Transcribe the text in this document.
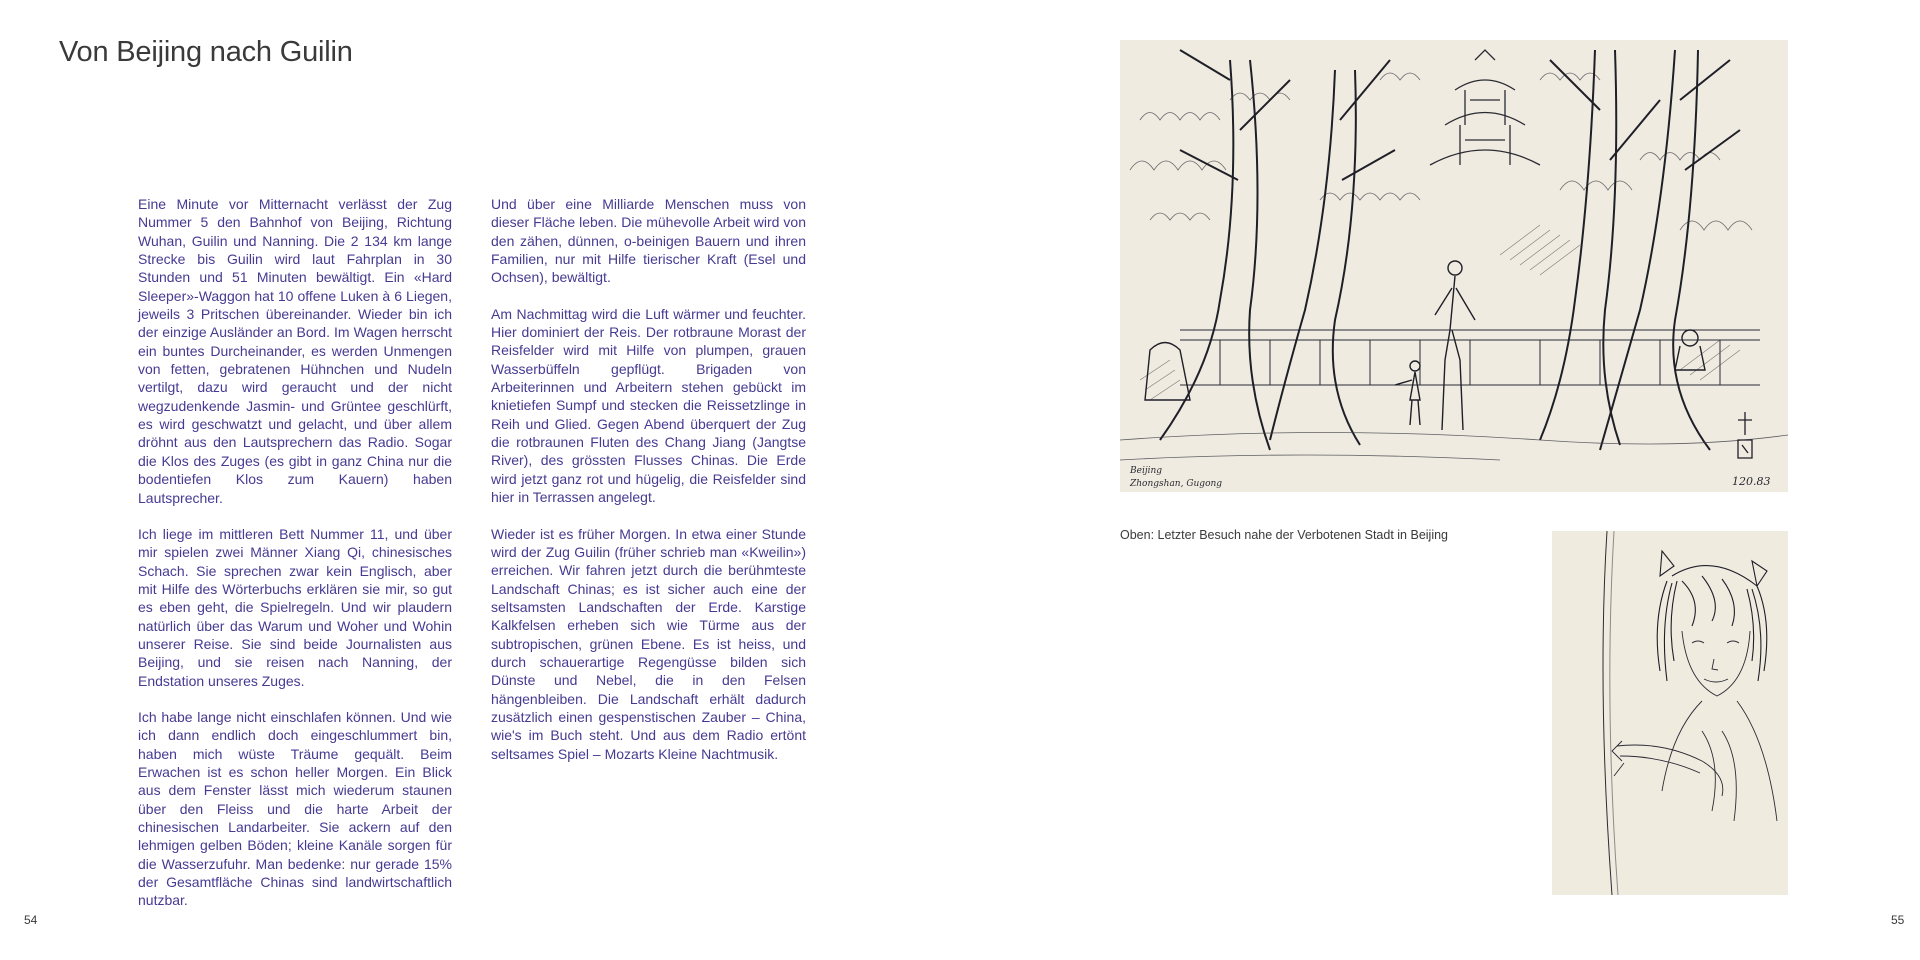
Von Beijing nach Guilin

Eine Minute vor Mitternacht verlässt der Zug Nummer 5 den Bahnhof von Beijing, Richtung Wuhan, Guilin und Nanning. Die 2 134 km lange Strecke bis Guilin wird laut Fahrplan in 30 Stunden und 51 Minuten bewältigt. Ein «Hard Sleeper»-Waggon hat 10 offene Luken à 6 Liegen, jeweils 3 Pritschen übereinander. Wieder bin ich der einzige Ausländer an Bord. Im Wagen herrscht ein buntes Durcheinander, es werden Unmengen von fetten, gebratenen Hühnchen und Nudeln vertilgt, dazu wird geraucht und der nicht wegzudenkende Jasmin- und Grüntee geschlürft, es wird geschwatzt und gelacht, und über allem dröhnt aus den Lautsprechern das Radio. Sogar die Klos des Zuges (es gibt in ganz China nur die bodentiefen Klos zum Kauern) haben Lautsprecher.

Ich liege im mittleren Bett Nummer 11, und über mir spielen zwei Männer Xiang Qi, chinesisches Schach. Sie sprechen zwar kein Englisch, aber mit Hilfe des Wörterbuchs erklären sie mir, so gut es eben geht, die Spielregeln. Und wir plaudern natürlich über das Warum und Woher und Wohin unserer Reise. Sie sind beide Journalisten aus Beijing, und sie reisen nach Nanning, der Endstation unseres Zuges.

Ich habe lange nicht einschlafen können. Und wie ich dann endlich doch eingeschlummert bin, haben mich wüste Träume gequält. Beim Erwachen ist es schon heller Morgen. Ein Blick aus dem Fenster lässt mich wiederum staunen über den Fleiss und die harte Arbeit der chinesischen Landarbeiter. Sie ackern auf den lehmigen gelben Böden; kleine Kanäle sorgen für die Wasserzufuhr. Man bedenke: nur gerade 15% der Gesamtfläche Chinas sind landwirtschaftlich nutzbar.

Und über eine Milliarde Menschen muss von dieser Fläche leben. Die mühevolle Arbeit wird von den zähen, dünnen, o-beinigen Bauern und ihren Familien, nur mit Hilfe tierischer Kraft (Esel und Ochsen), bewältigt.

Am Nachmittag wird die Luft wärmer und feuchter. Hier dominiert der Reis. Der rotbraune Morast der Reisfelder wird mit Hilfe von plumpen, grauen Wasserbüffeln gepflügt. Brigaden von Arbeiterinnen und Arbeitern stehen gebückt im knietiefen Sumpf und stecken die Reissetzlinge in Reih und Glied. Gegen Abend überquert der Zug die rotbraunen Fluten des Chang Jiang (Jangtse River), des grössten Flusses Chinas. Die Erde wird jetzt ganz rot und hügelig, die Reisfelder sind hier in Terrassen angelegt.

Wieder ist es früher Morgen. In etwa einer Stunde wird der Zug Guilin (früher schrieb man «Kweilin») erreichen. Wir fahren jetzt durch die berühmteste Landschaft Chinas; es ist sicher auch eine der seltsamsten Landschaften der Erde. Karstige Kalkfelsen erheben sich wie Türme aus der subtropischen, grünen Ebene. Es ist heiss, und durch schauerartige Regengüsse bilden sich Dünste und Nebel, die in den Felsen hängenbleiben. Die Landschaft erhält dadurch zusätzlich einen gespenstischen Zauber – China, wie's im Buch steht. Und aus dem Radio ertönt seltsames Spiel – Mozarts Kleine Nachtmusik.

54
Beijing
Zhongshan, Gugong	120.83
Oben: Letzter Besuch nahe der Verbotenen Stadt in Beijing
55
